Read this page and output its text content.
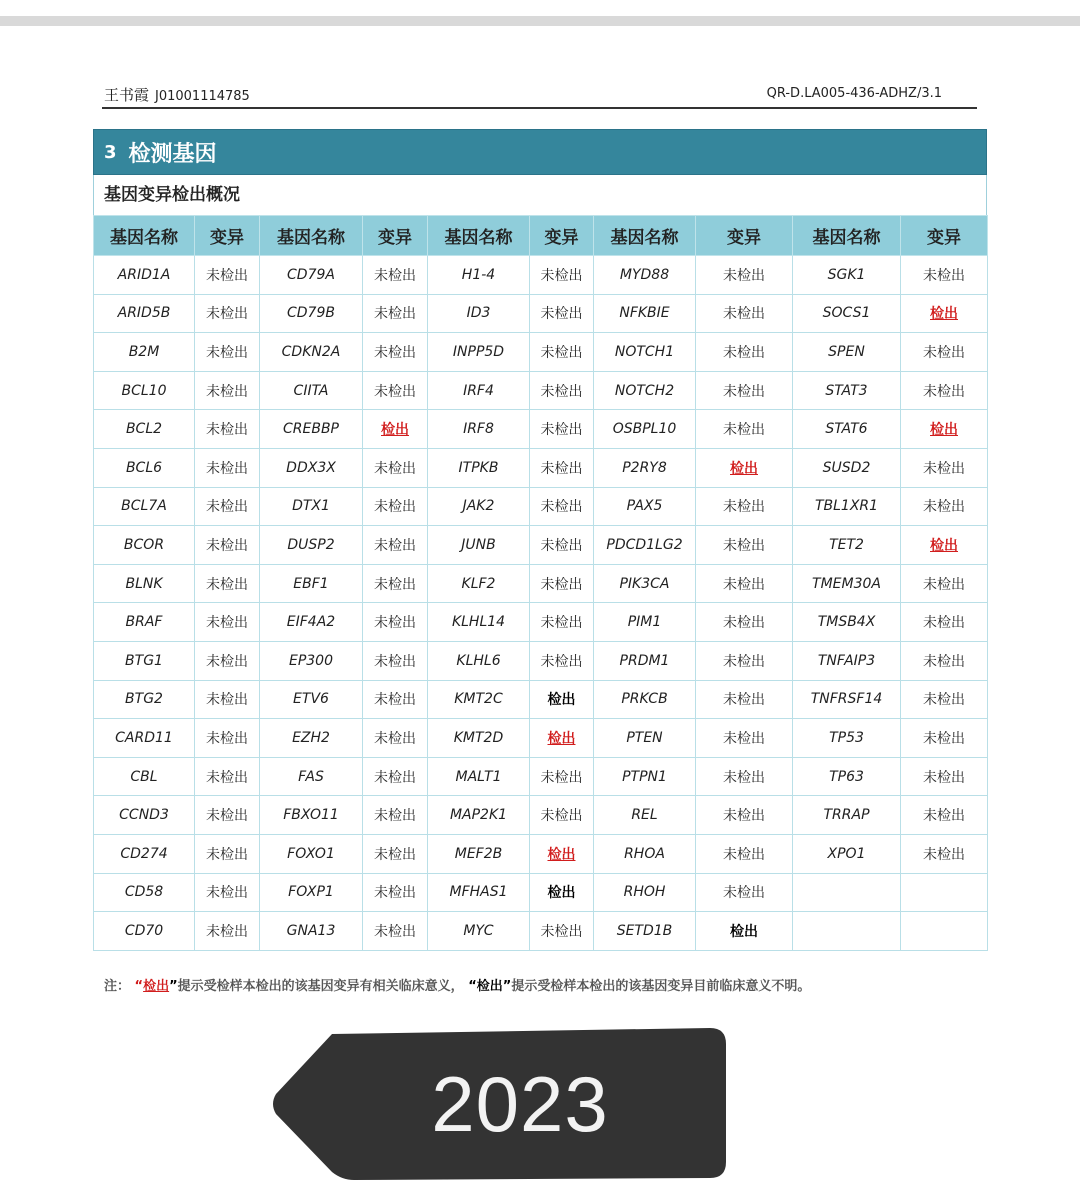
王书霞 J01001114785	QR-D.LA005-436-ADHZ/3.1
3 检测基因
基因变异检出概况
基因名称	变异	基因名称	变异	基因名称	变异	基因名称	变异	基因名称	变异
ARID1A	未检出	CD79A	未检出	H1-4	未检出	MYD88	未检出	SGK1	未检出
ARID5B	未检出	CD79B	未检出	ID3	未检出	NFKBIE	未检出	SOCS1	检出
B2M	未检出	CDKN2A	未检出	INPP5D	未检出	NOTCH1	未检出	SPEN	未检出
BCL10	未检出	CIITA	未检出	IRF4	未检出	NOTCH2	未检出	STAT3	未检出
BCL2	未检出	CREBBP	检出	IRF8	未检出	OSBPL10	未检出	STAT6	检出
BCL6	未检出	DDX3X	未检出	ITPKB	未检出	P2RY8	检出	SUSD2	未检出
BCL7A	未检出	DTX1	未检出	JAK2	未检出	PAX5	未检出	TBL1XR1	未检出
BCOR	未检出	DUSP2	未检出	JUNB	未检出	PDCD1LG2	未检出	TET2	检出
BLNK	未检出	EBF1	未检出	KLF2	未检出	PIK3CA	未检出	TMEM30A	未检出
BRAF	未检出	EIF4A2	未检出	KLHL14	未检出	PIM1	未检出	TMSB4X	未检出
BTG1	未检出	EP300	未检出	KLHL6	未检出	PRDM1	未检出	TNFAIP3	未检出
BTG2	未检出	ETV6	未检出	KMT2C	检出	PRKCB	未检出	TNFRSF14	未检出
CARD11	未检出	EZH2	未检出	KMT2D	检出	PTEN	未检出	TP53	未检出
CBL	未检出	FAS	未检出	MALT1	未检出	PTPN1	未检出	TP63	未检出
CCND3	未检出	FBXO11	未检出	MAP2K1	未检出	REL	未检出	TRRAP	未检出
CD274	未检出	FOXO1	未检出	MEF2B	检出	RHOA	未检出	XPO1	未检出
CD58	未检出	FOXP1	未检出	MFHAS1	检出	RHOH	未检出		
CD70	未检出	GNA13	未检出	MYC	未检出	SETD1B	检出		
注： “检出”提示受检样本检出的该基因变异有相关临床意义， “检出”提示受检样本检出的该基因变异目前临床意义不明。
2023
